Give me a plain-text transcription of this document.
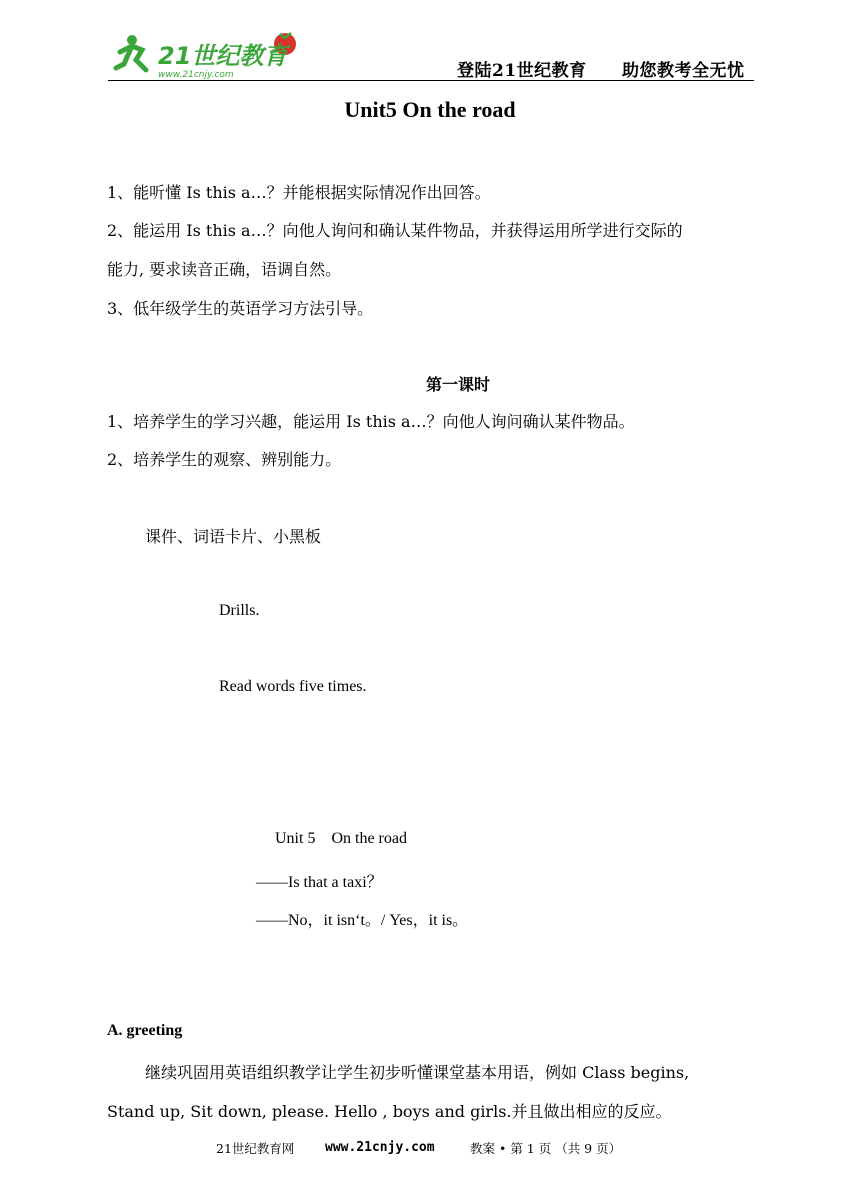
21世纪教育
www.21cnjy.com	登陆21世纪教育 助您教考全无忧
Unit5 On the road
1、能听懂 Is this a…？并能根据实际情况作出回答。
2、能运用 Is this a…？向他人询问和确认某件物品，并获得运用所学进行交际的
能力, 要求读音正确，语调自然。
3、低年级学生的英语学习方法引导。
第一课时
1、培养学生的学习兴趣，能运用 Is this a…？向他人询问确认某件物品。
2、培养学生的观察、辨别能力。
课件、词语卡片、小黑板
Drills.
Read words five times.
Unit 5    On the road
——Is that a taxi？
——No，it isn‘t。/ Yes，it is。
A. greeting
继续巩固用英语组织教学让学生初步听懂课堂基本用语，例如 Class begins,
Stand up, Sit down, please. Hello , boys and girls.并且做出相应的反应。
21世纪教育网 www.21cnjy.com	教案 • 第 1 页 （共 9 页）
